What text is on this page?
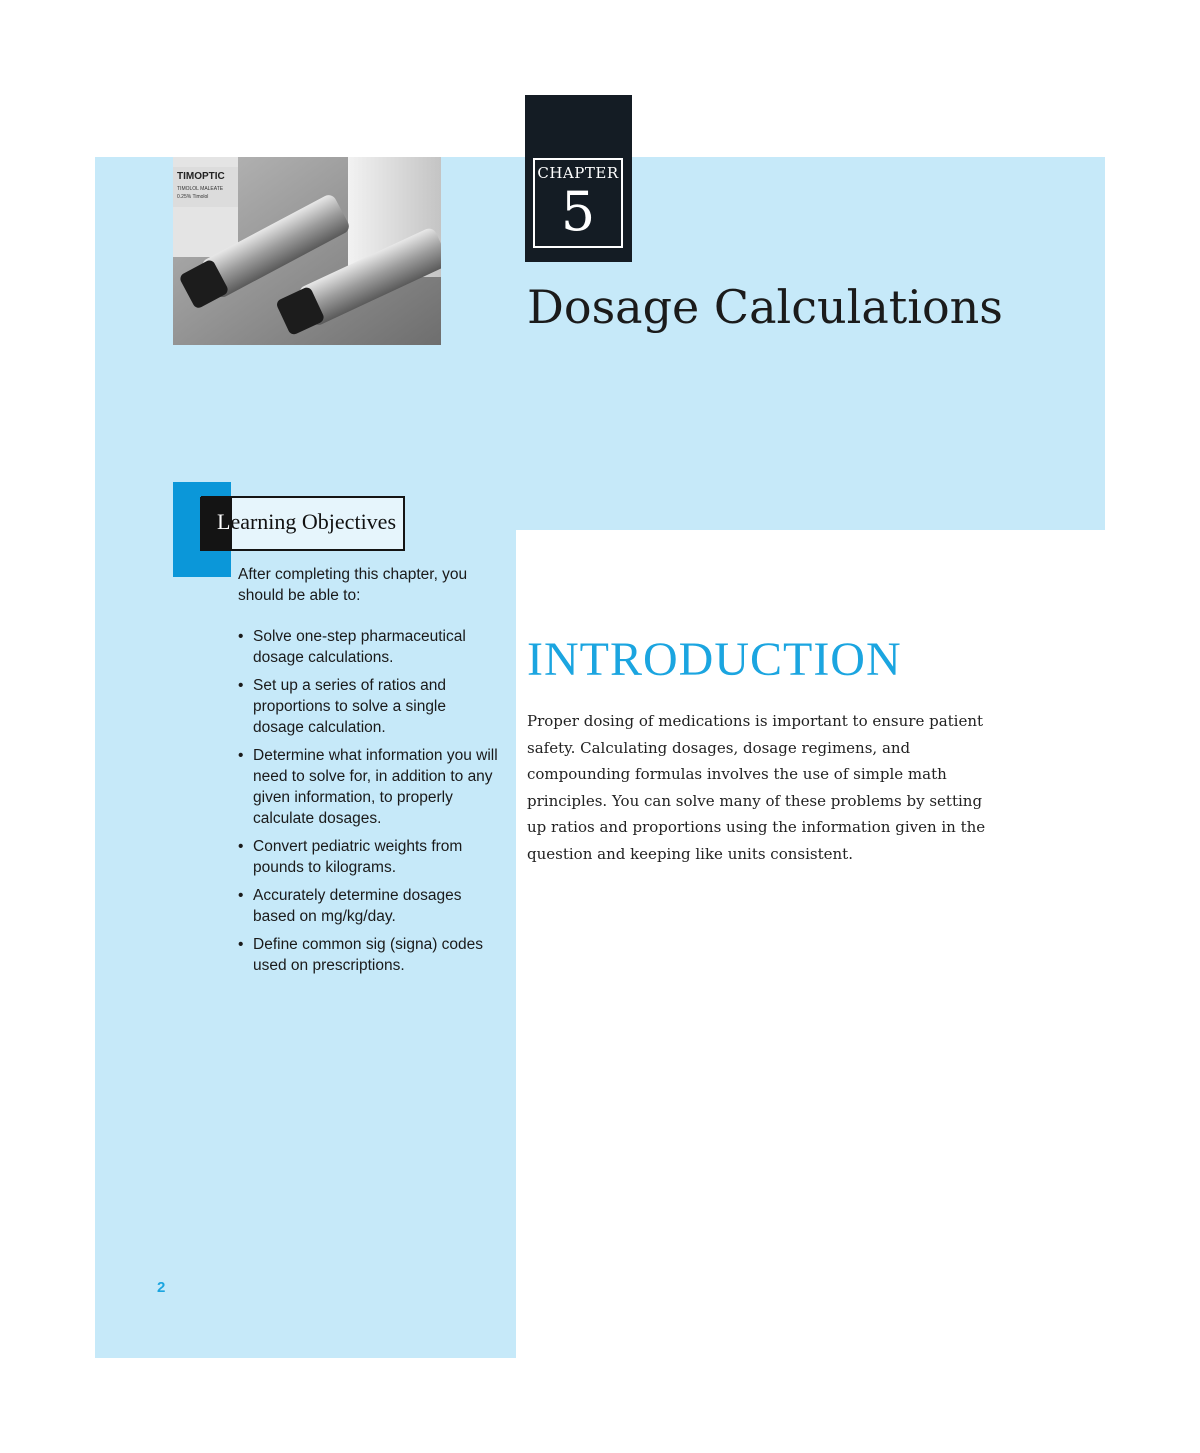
TIMOPTIC
TIMOLOL MALEATE
0.25% Timolol
CHAPTER
5
Dosage Calculations
Learning Objectives
After completing this chapter, you should be able to:
• Solve one-step pharmaceutical dosage calculations.
• Set up a series of ratios and proportions to solve a single dosage calculation.
• Determine what information you will need to solve for, in addition to any given information, to properly calculate dosages.
• Convert pediatric weights from pounds to kilograms.
• Accurately determine dosages based on mg/kg/day.
• Define common sig (signa) codes used on prescriptions.
INTRODUCTION
Proper dosing of medications is important to ensure patient safety. Calculating dosages, dosage regimens, and compounding formulas involves the use of simple math principles. You can solve many of these problems by setting up ratios and proportions using the information given in the question and keeping like units consistent.
2
